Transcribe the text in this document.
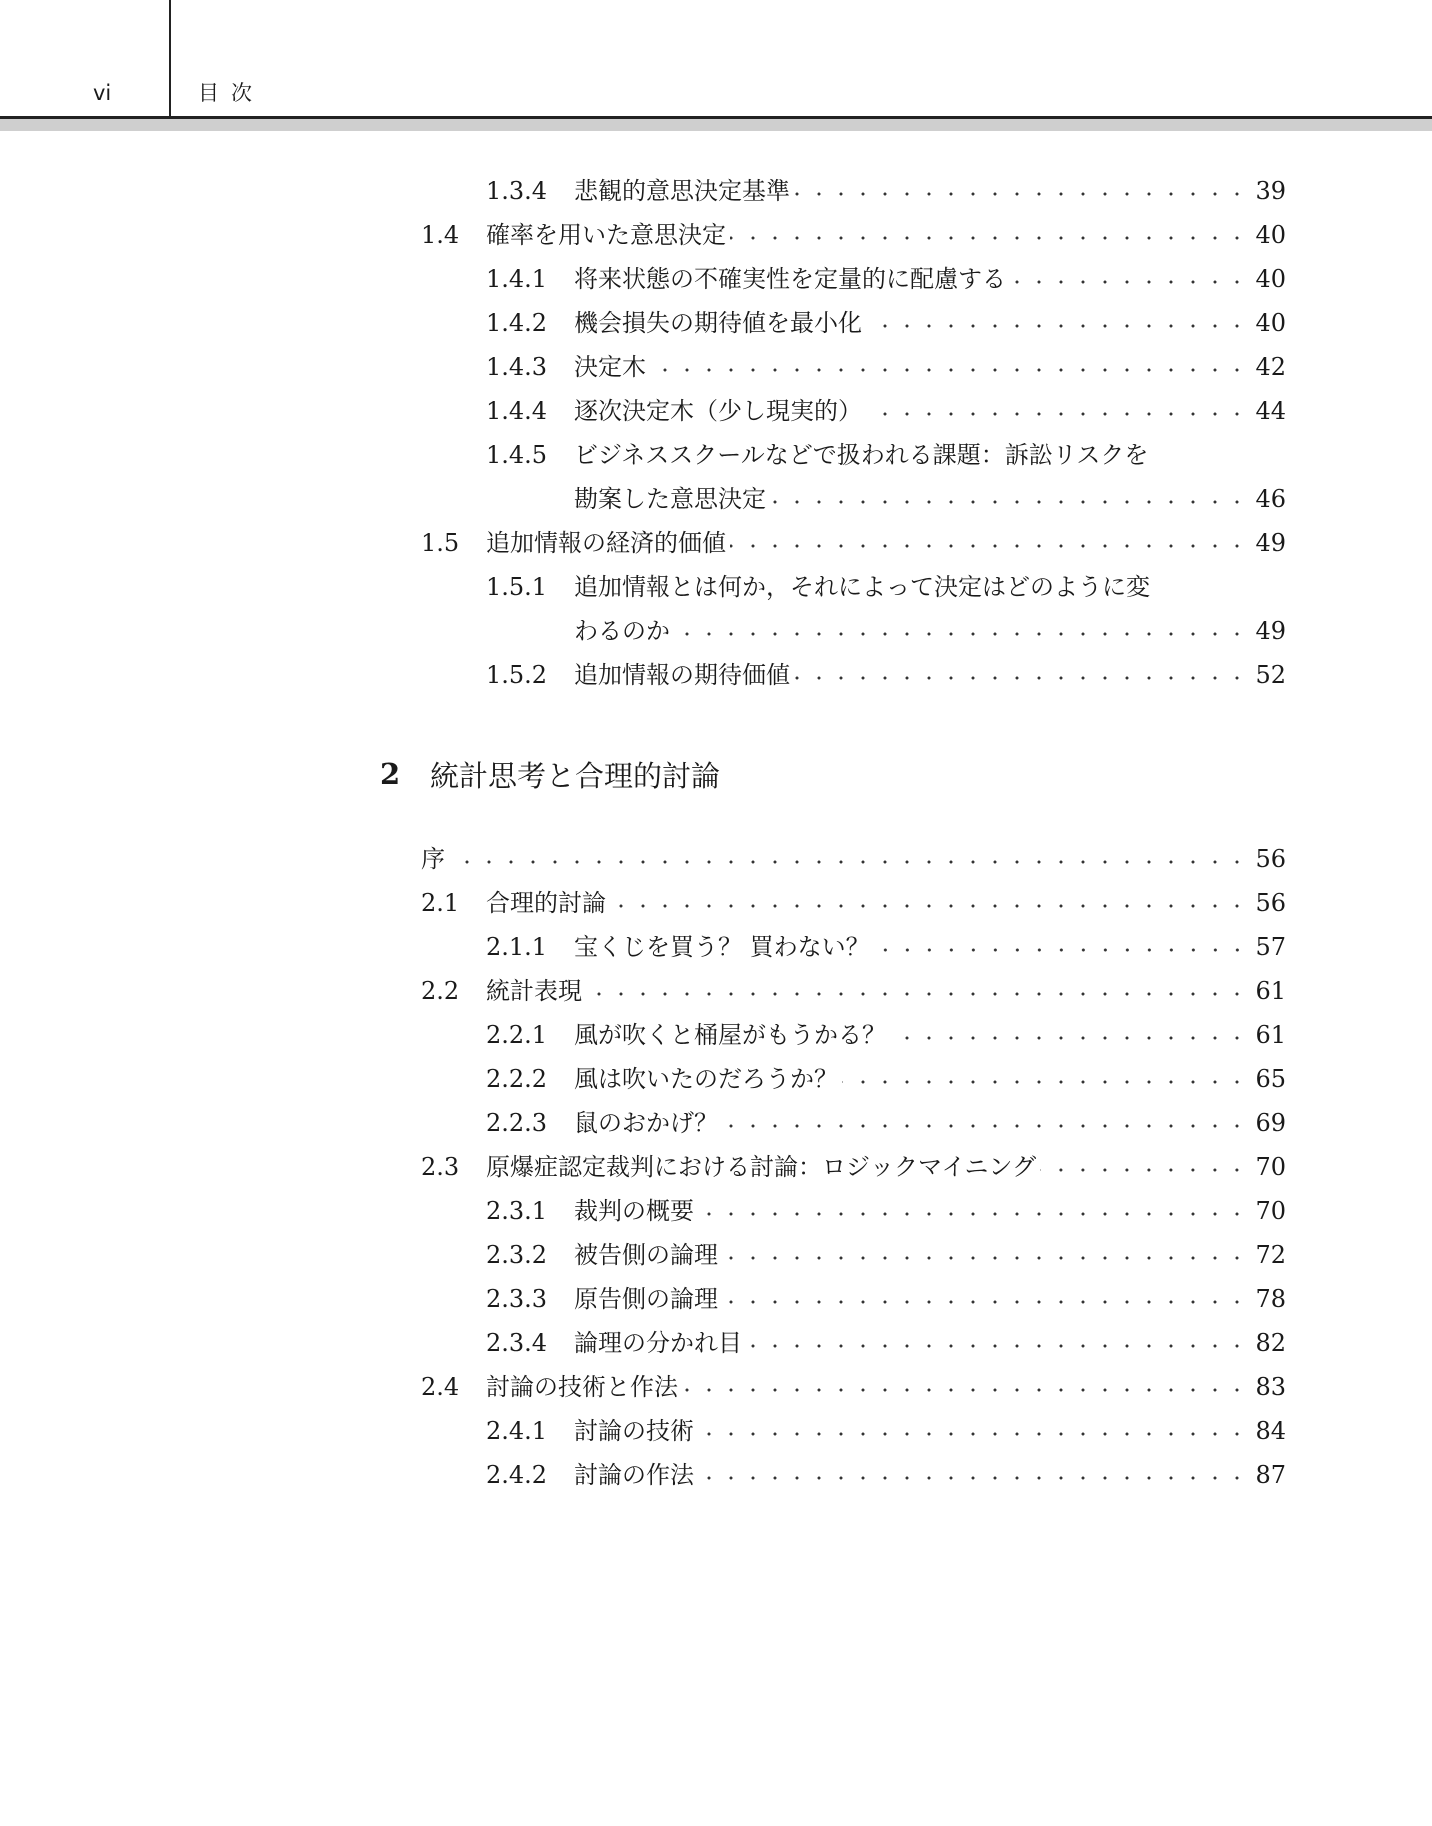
vi	目次
2	統計思考と合理的討論
1.3.4	悲観的意思決定基準	39
1.4	確率を用いた意思決定	40
1.4.1	将来状態の不確実性を定量的に配慮する	40
1.4.2	機会損失の期待値を最小化	40
1.4.3	決定木	42
1.4.4	逐次決定木（少し現実的）	44
1.4.5	ビジネススクールなどで扱われる課題：訴訟リスクを
勘案した意思決定	46
1.5	追加情報の経済的価値	49
1.5.1	追加情報とは何か，それによって決定はどのように変
わるのか	49
1.5.2	追加情報の期待価値	52
序	56
2.1	合理的討論	56
2.1.1	宝くじを買う？ 買わない？	57
2.2	統計表現	61
2.2.1	風が吹くと桶屋がもうかる？	61
2.2.2	風は吹いたのだろうか？	65
2.2.3	鼠のおかげ？	69
2.3	原爆症認定裁判における討論：ロジックマイニング	70
2.3.1	裁判の概要	70
2.3.2	被告側の論理	72
2.3.3	原告側の論理	78
2.3.4	論理の分かれ目	82
2.4	討論の技術と作法	83
2.4.1	討論の技術	84
2.4.2	討論の作法	87
